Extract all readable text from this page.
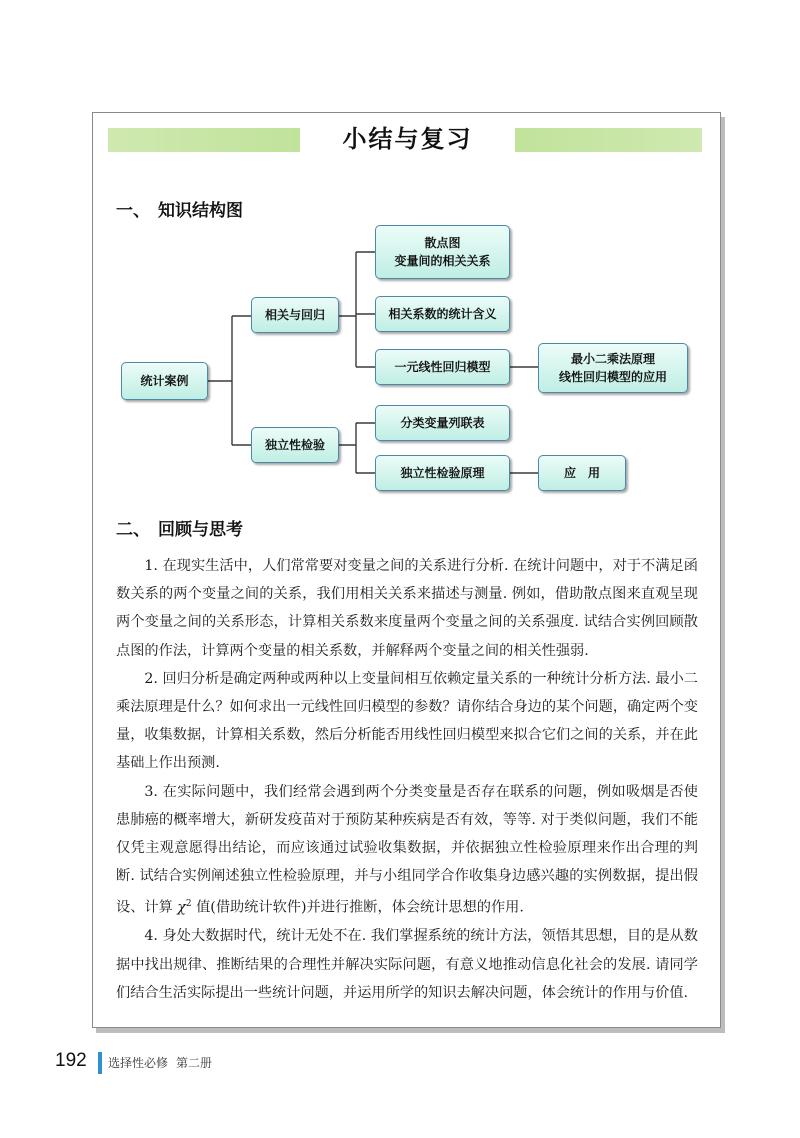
小结与复习
一、 知识结构图
统计案例
相关与回归
独立性检验
散点图
变量间的相关关系
相关系数的统计含义
一元线性回归模型
最小二乘法原理
线性回归模型的应用
分类变量列联表
独立性检验原理	应　用
二、 回顾与思考

1. 在现实生活中，人们常常要对变量之间的关系进行分析. 在统计问题中，对于不满足函数关系的两个变量之间的关系，我们用相关关系来描述与测量. 例如，借助散点图来直观呈现两个变量之间的关系形态，计算相关系数来度量两个变量之间的关系强度. 试结合实例回顾散点图的作法，计算两个变量的相关系数，并解释两个变量之间的相关性强弱.

2. 回归分析是确定两种或两种以上变量间相互依赖定量关系的一种统计分析方法. 最小二乘法原理是什么？如何求出一元线性回归模型的参数？请你结合身边的某个问题，确定两个变量，收集数据，计算相关系数，然后分析能否用线性回归模型来拟合它们之间的关系，并在此基础上作出预测.

3. 在实际问题中，我们经常会遇到两个分类变量是否存在联系的问题，例如吸烟是否使患肺癌的概率增大，新研发疫苗对于预防某种疾病是否有效，等等. 对于类似问题，我们不能仅凭主观意愿得出结论，而应该通过试验收集数据，并依据独立性检验原理来作出合理的判断. 试结合实例阐述独立性检验原理，并与小组同学合作收集身边感兴趣的实例数据，提出假设、计算 $\chi^2$ 值(借助统计软件)并进行推断，体会统计思想的作用.

4. 身处大数据时代，统计无处不在. 我们掌握系统的统计方法，领悟其思想，目的是从数据中找出规律、推断结果的合理性并解决实际问题，有意义地推动信息化社会的发展. 请同学们结合生活实际提出一些统计问题，并运用所学的知识去解决问题，体会统计的作用与价值.

192 选择性必修 第二册
